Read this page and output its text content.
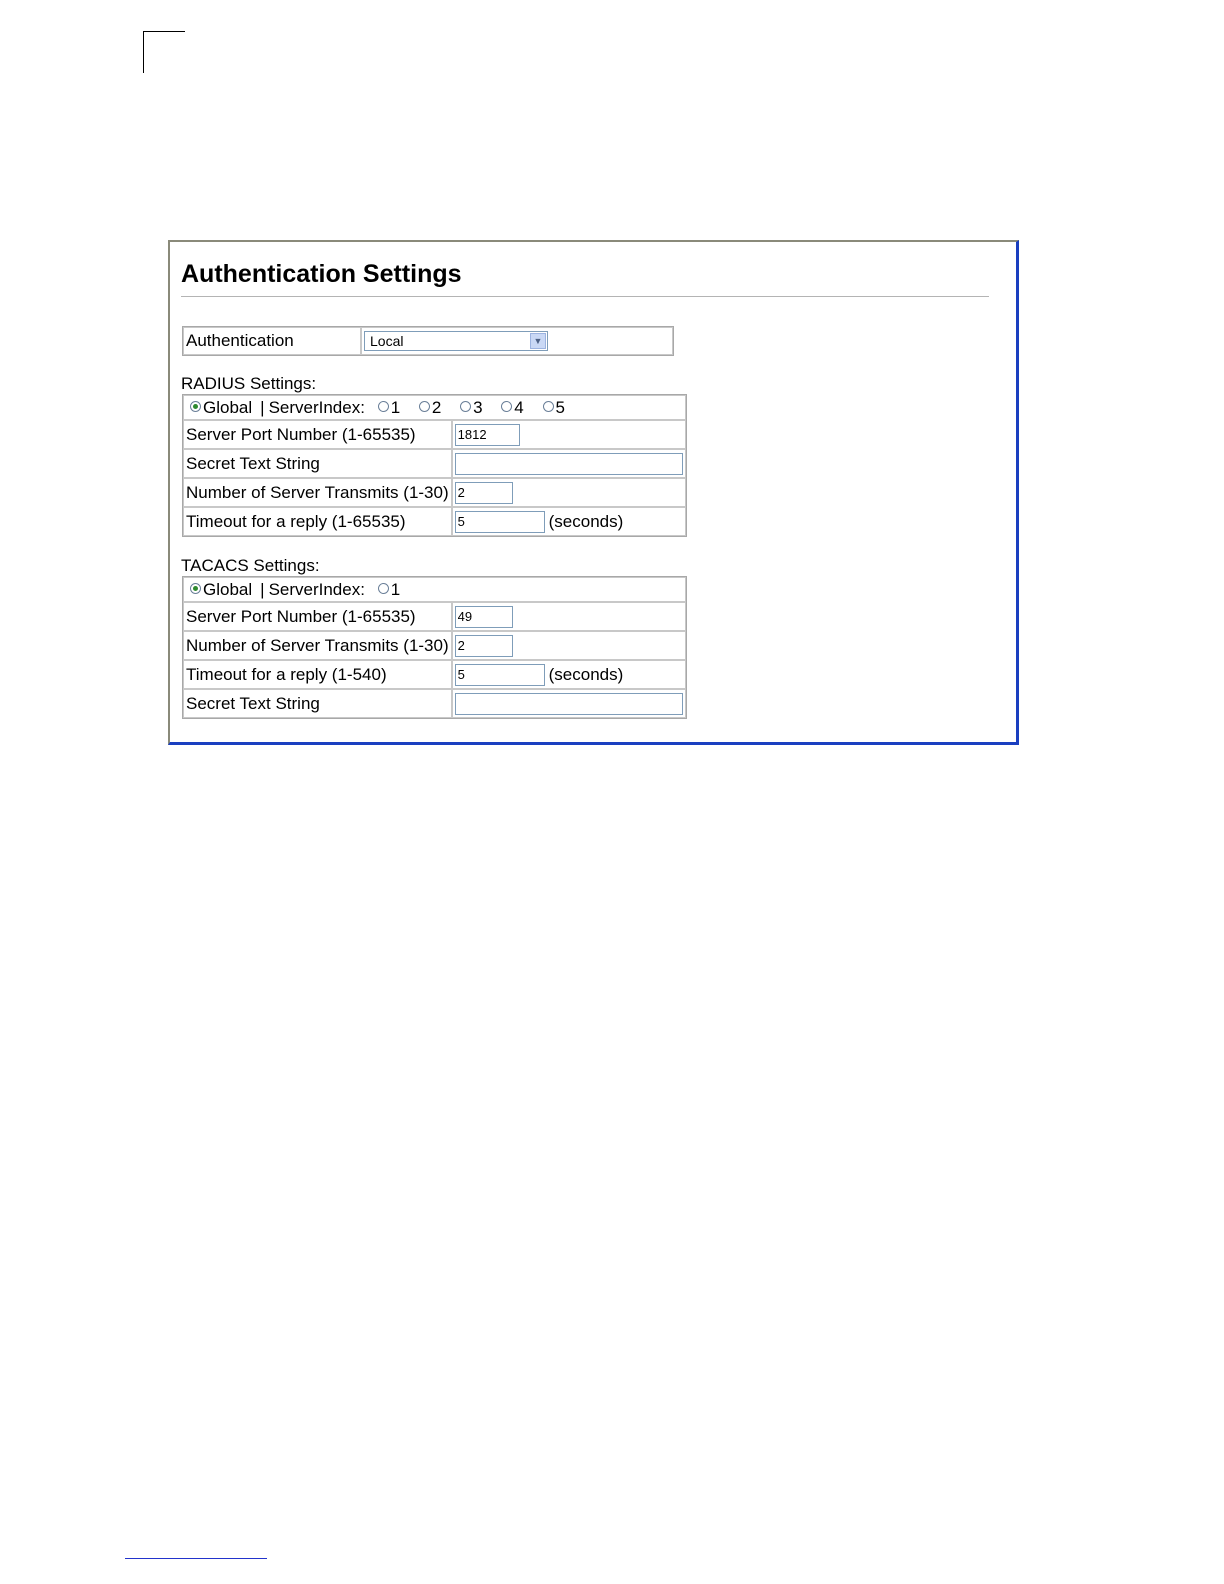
Authentication Settings
Authentication	Local	▼
RADIUS Settings:
Global | ServerIndex: 1 2 3 4 5	
Server Port Number (1-65535)	1812
Secret Text String	
Number of Server Transmits (1-30)	2
Timeout for a reply (1-65535)	5(seconds)
TACACS Settings:
Global | ServerIndex: 1	
Server Port Number (1-65535)	49
Number of Server Transmits (1-30)	2
Timeout for a reply (1-540)	5(seconds)
Secret Text String	
